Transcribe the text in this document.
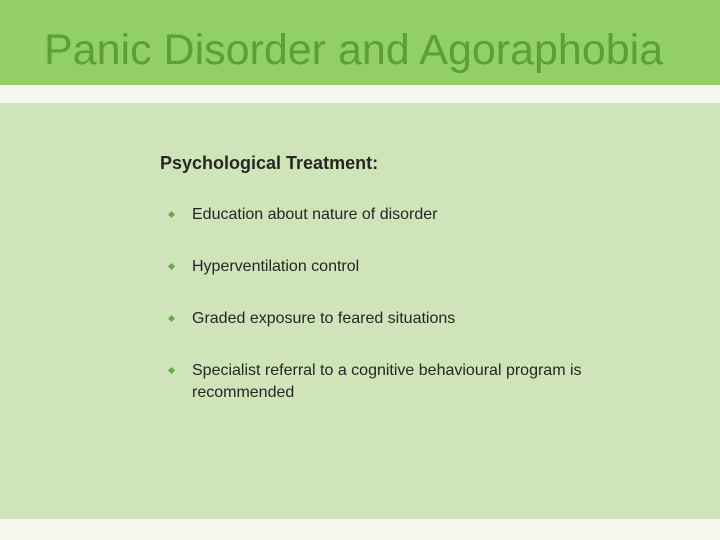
Panic Disorder and Agoraphobia
Psychological Treatment:
Education about nature of disorder
Hyperventilation control
Graded exposure to feared situations
Specialist referral to a cognitive behavioural program is recommended
